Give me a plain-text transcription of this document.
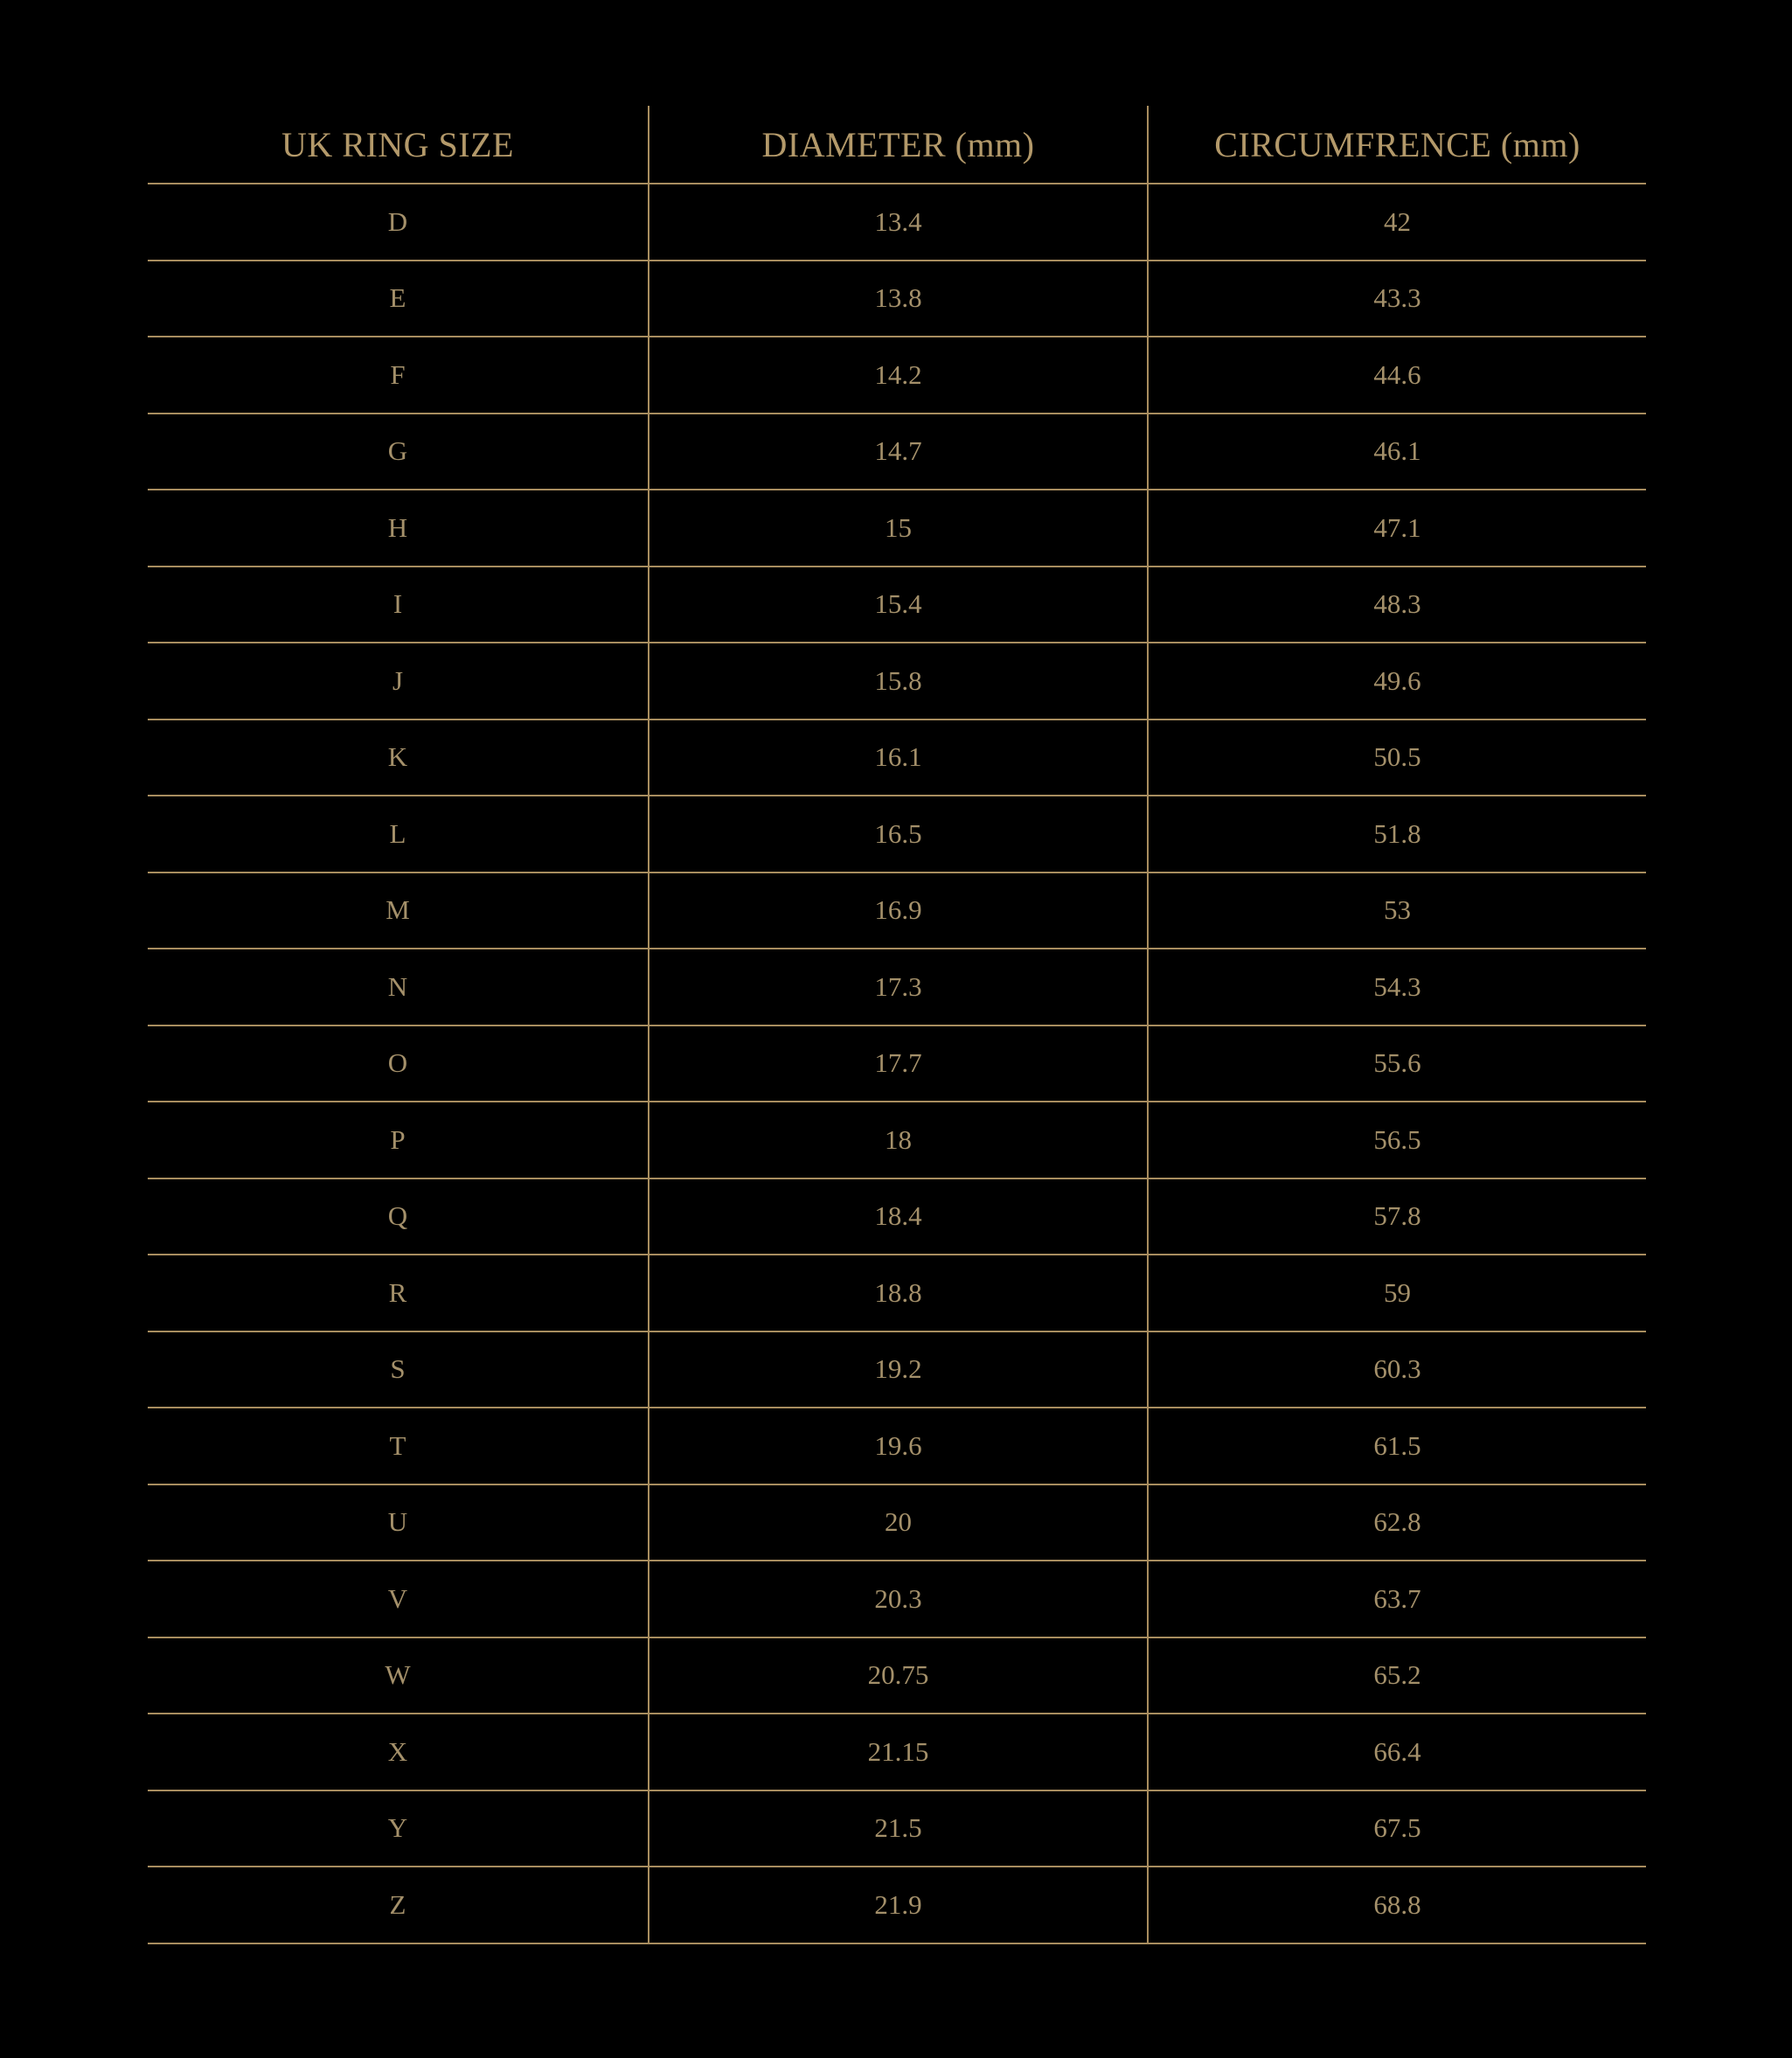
UK RING SIZE	DIAMETER (mm)	CIRCUMFRENCE (mm)
D	13.4	42
E	13.8	43.3
F	14.2	44.6
G	14.7	46.1
H	15	47.1
I	15.4	48.3
J	15.8	49.6
K	16.1	50.5
L	16.5	51.8
M	16.9	53
N	17.3	54.3
O	17.7	55.6
P	18	56.5
Q	18.4	57.8
R	18.8	59
S	19.2	60.3
T	19.6	61.5
U	20	62.8
V	20.3	63.7
W	20.75	65.2
X	21.15	66.4
Y	21.5	67.5
Z	21.9	68.8
